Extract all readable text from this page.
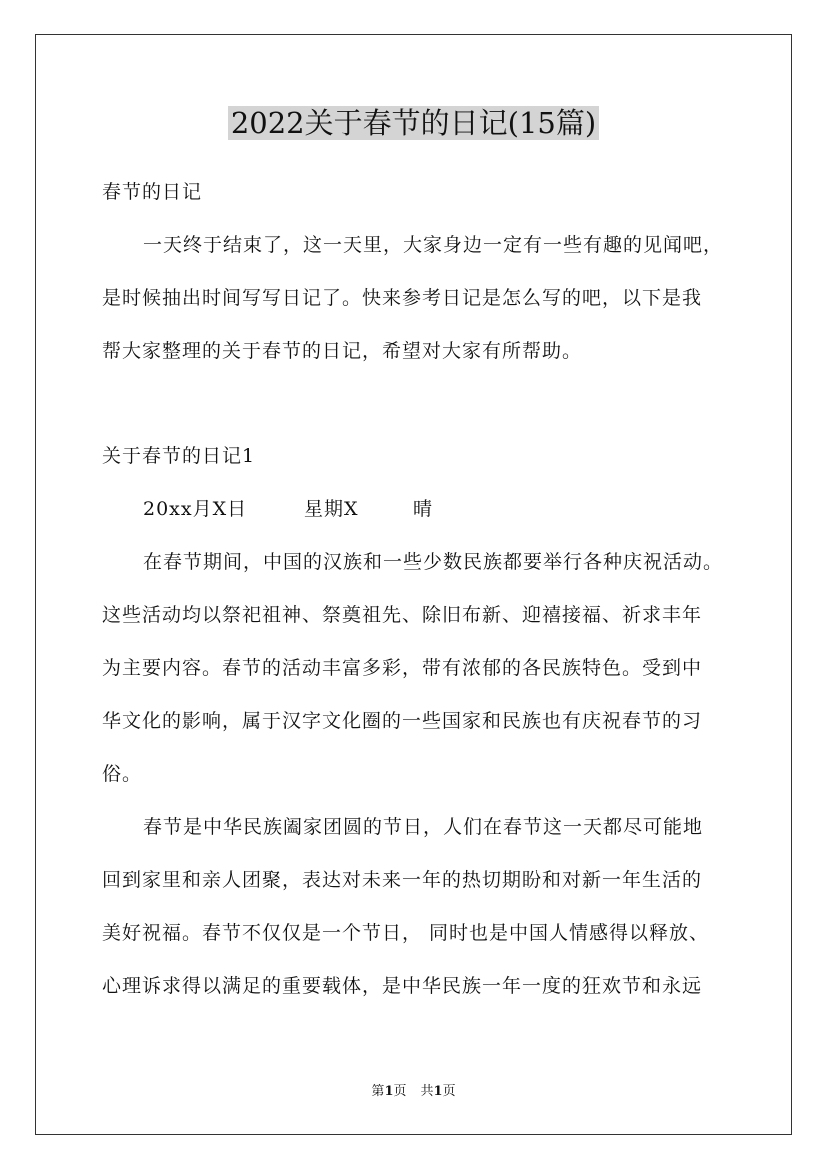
2022关于春节的日记(15篇)

春节的日记

一天终于结束了，这一天里，大家身边一定有一些有趣的见闻吧，

是时候抽出时间写写日记了。快来参考日记是怎么写的吧，以下是我

帮大家整理的关于春节的日记，希望对大家有所帮助。

关于春节的日记1

20xx月X日	星期X	晴

在春节期间，中国的汉族和一些少数民族都要举行各种庆祝活动。

这些活动均以祭祀祖神、祭奠祖先、除旧布新、迎禧接福、祈求丰年

为主要内容。春节的活动丰富多彩，带有浓郁的各民族特色。受到中

华文化的影响，属于汉字文化圈的一些国家和民族也有庆祝春节的习

俗。

春节是中华民族阖家团圆的节日，人们在春节这一天都尽可能地

回到家里和亲人团聚，表达对未来一年的热切期盼和对新一年生活的

美好祝福。春节不仅仅是一个节日， 同时也是中国人情感得以释放、

心理诉求得以满足的重要载体，是中华民族一年一度的狂欢节和永远

第1页 共1页
